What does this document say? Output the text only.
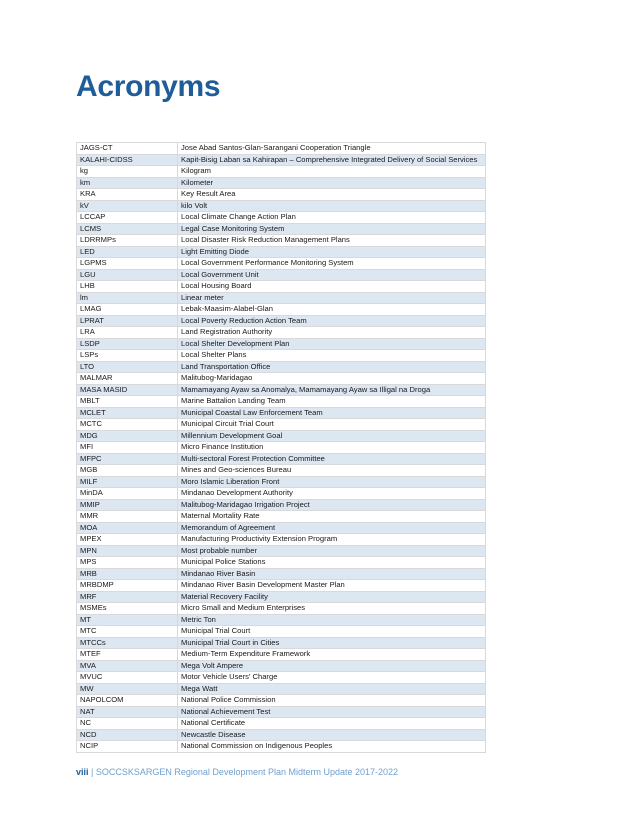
Acronyms
JAGS-CT	Jose Abad Santos-Glan-Sarangani Cooperation Triangle
KALAHI-CIDSS	Kapit-Bisig Laban sa Kahirapan – Comprehensive Integrated Delivery of Social Services
kg	Kilogram
km	Kilometer
KRA	Key Result Area
kV	kilo Volt
LCCAP	Local Climate Change Action Plan
LCMS	Legal Case Monitoring System
LDRRMPs	Local Disaster Risk Reduction Management Plans
LED	Light Emitting Diode
LGPMS	Local Government Performance Monitoring System
LGU	Local Government Unit
LHB	Local Housing Board
lm	Linear meter
LMAG	Lebak-Maasim-Alabel-Glan
LPRAT	Local Poverty Reduction Action Team
LRA	Land Registration Authority
LSDP	Local Shelter Development Plan
LSPs	Local Shelter Plans
LTO	Land Transportation Office
MALMAR	Malitubog-Maridagao
MASA MASID	Mamamayang Ayaw sa Anomalya, Mamamayang Ayaw sa Illigal na Droga
MBLT	Marine Battalion Landing Team
MCLET	Municipal Coastal Law Enforcement Team
MCTC	Municipal Circuit Trial Court
MDG	Millennium Development Goal
MFI	Micro Finance Institution
MFPC	Multi-sectoral Forest Protection Committee
MGB	Mines and Geo-sciences Bureau
MILF	Moro Islamic Liberation Front
MinDA	Mindanao Development Authority
MMIP	Malitubog-Maridagao Irrigation Project
MMR	Maternal Mortality Rate
MOA	Memorandum of Agreement
MPEX	Manufacturing Productivity Extension Program
MPN	Most probable number
MPS	Municipal Police Stations
MRB	Mindanao River Basin
MRBDMP	Mindanao River Basin Development Master Plan
MRF	Material Recovery Facility
MSMEs	Micro Small and Medium Enterprises
MT	Metric Ton
MTC	Municipal Trial Court
MTCCs	Municipal Trial Court in Cities
MTEF	Medium-Term Expenditure Framework
MVA	Mega Volt Ampere
MVUC	Motor Vehicle Users' Charge
MW	Mega Watt
NAPOLCOM	National Police Commission
NAT	National Achievement Test
NC	National Certificate
NCD	Newcastle Disease
NCIP	National Commission on Indigenous Peoples
viii | SOCCSKSARGEN Regional Development Plan Midterm Update 2017-2022
